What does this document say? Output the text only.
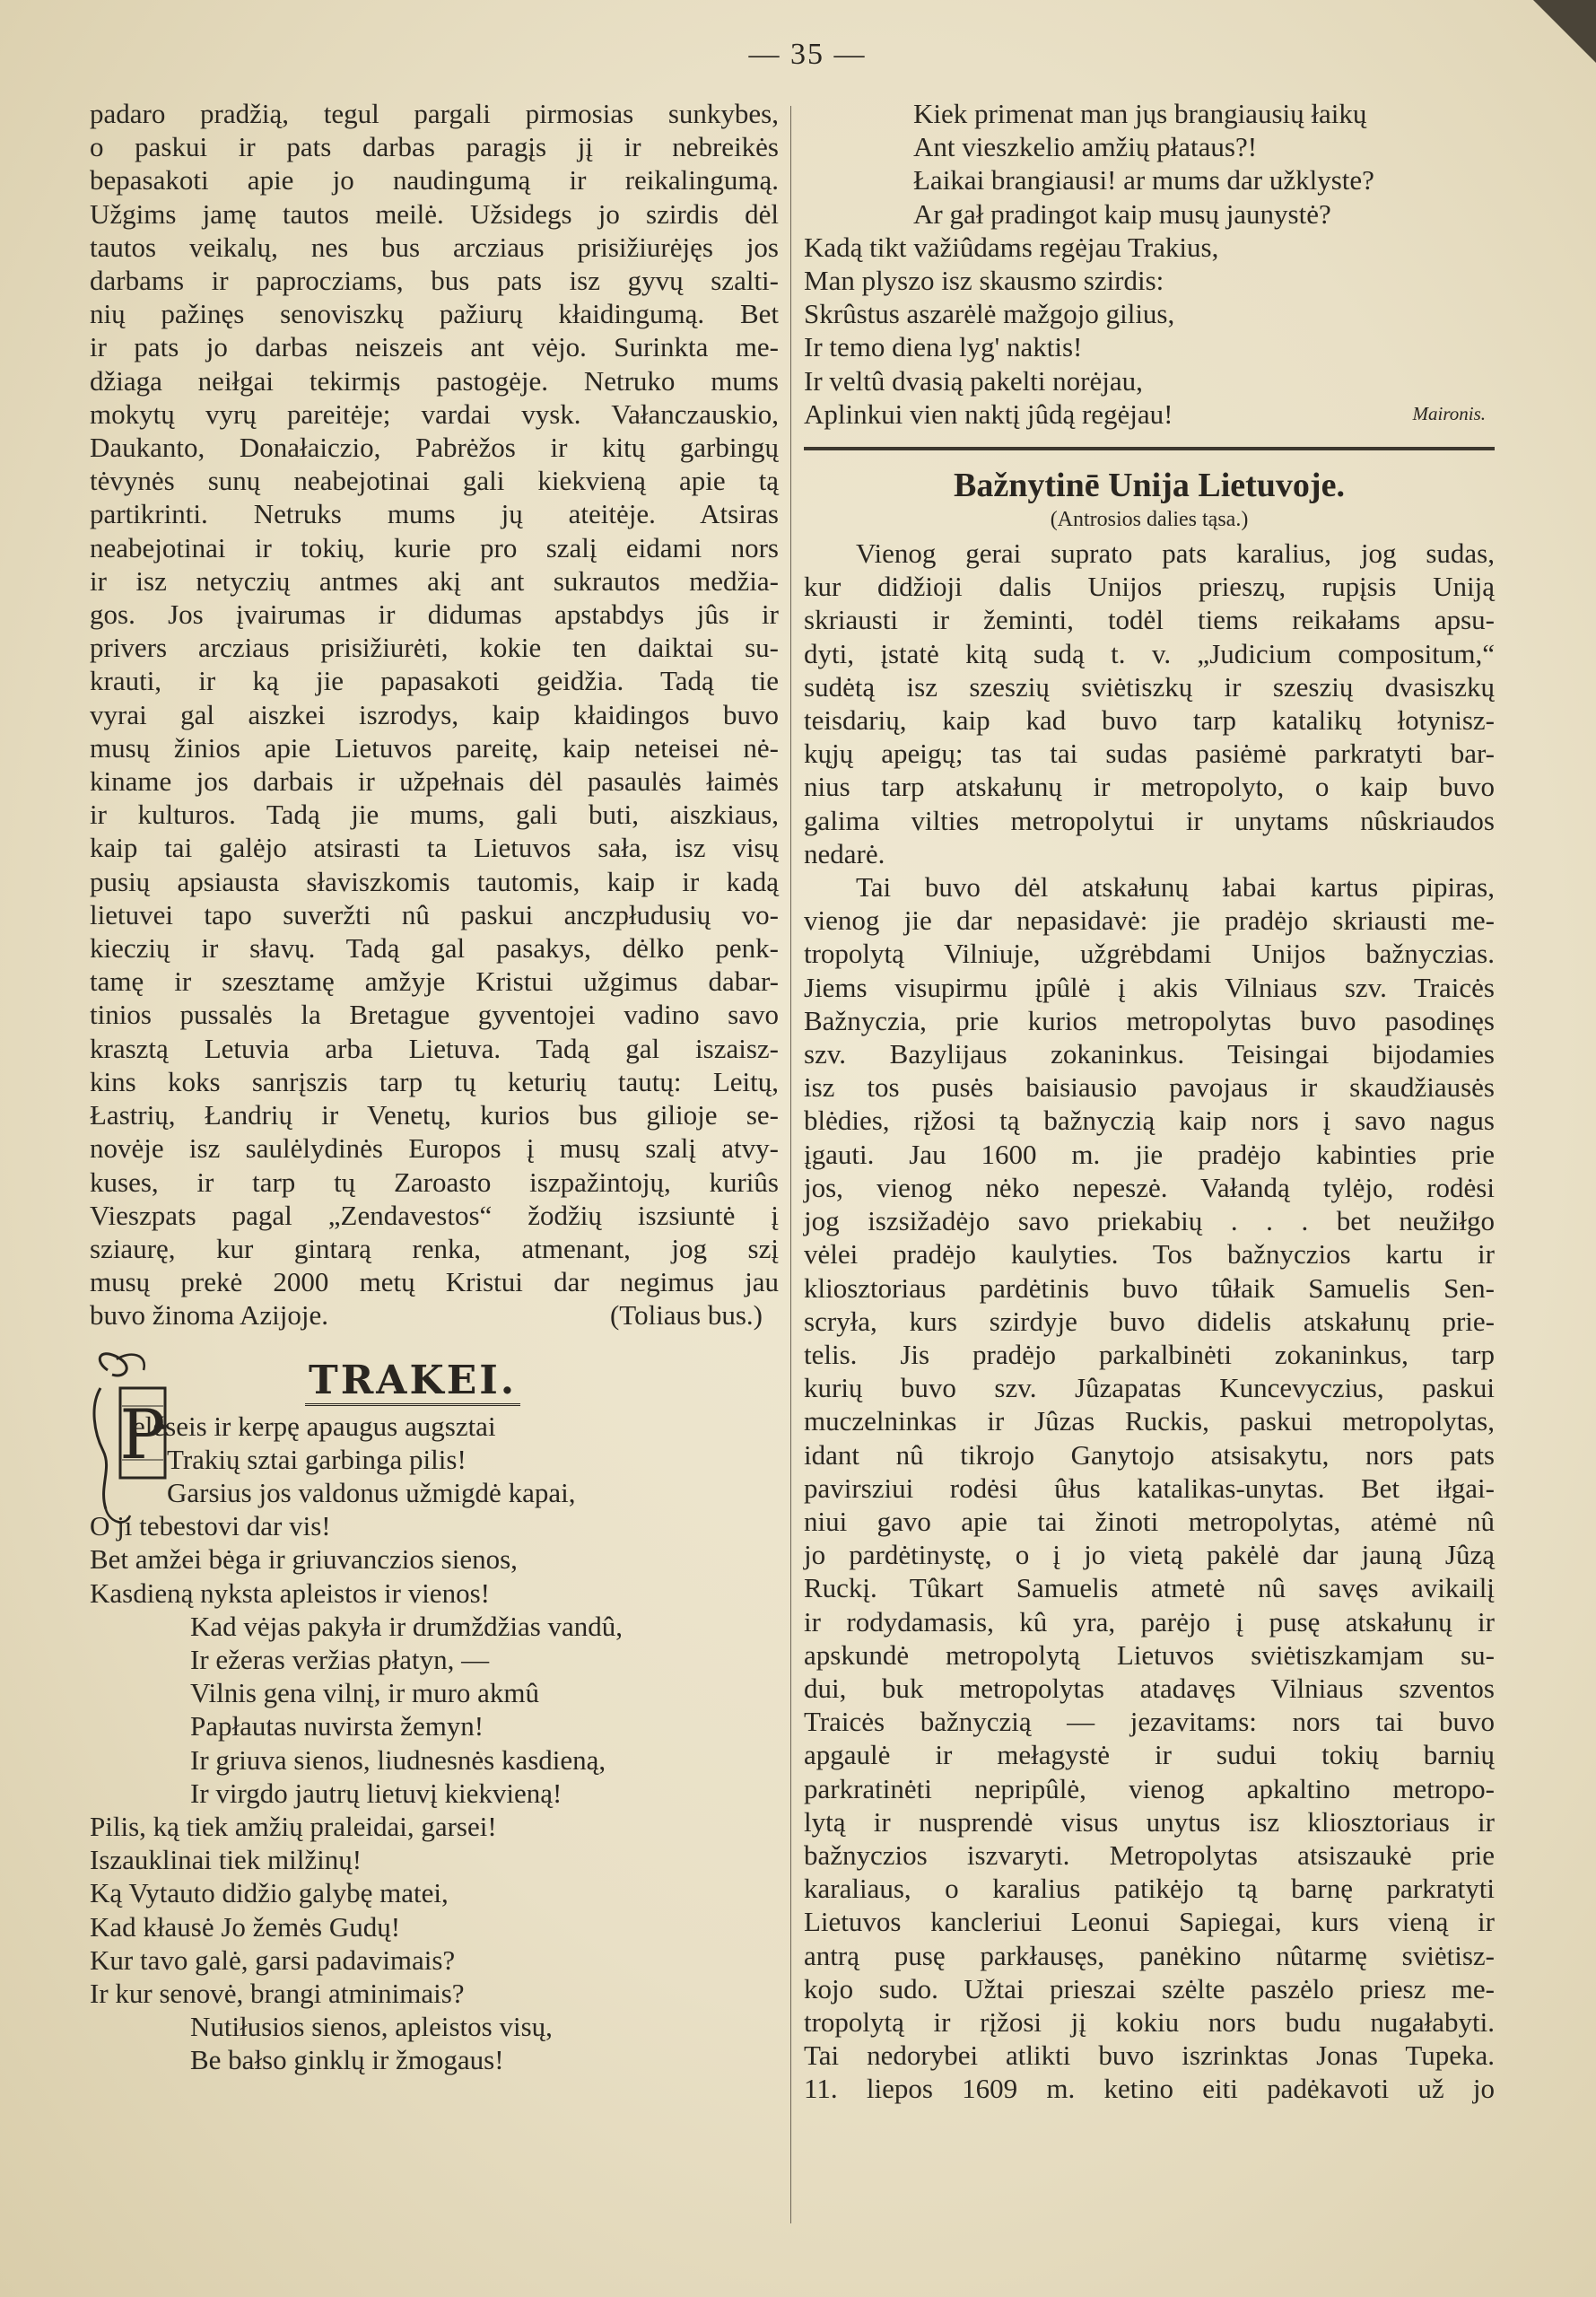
— 35 —
padaro pradžią, tegul pargali pirmosias sunkybes,
o paskui ir pats darbas paragįs jį ir nebreikės
bepasakoti apie jo naudingumą ir reikalingumą.
Užgims jamę tautos meilė. Užsidegs jo szirdis dėl
tautos veikalų, nes bus arcziaus prisižiurėjęs jos
darbams ir paprocziams, bus pats isz gyvų szalti-
nių pažinęs senoviszkų pažiurų kłaidingumą. Bet
ir pats jo darbas neiszeis ant vėjo. Surinkta me-
džiaga neiłgai tekirmįs pastogėje. Netruko mums
mokytų vyrų pareitėje; vardai vysk. Vałanczauskio,
Daukanto, Donałaiczio, Pabrėžos ir kitų garbingų
tėvynės sunų neabejotinai gali kiekvieną apie tą
partikrinti. Netruks mums jų ateitėje. Atsiras
neabejotinai ir tokių, kurie pro szalį eidami nors
ir isz netyczių antmes akį ant sukrautos medžia-
gos. Jos įvairumas ir didumas apstabdys jûs ir
privers arcziaus prisižiurėti, kokie ten daiktai su-
krauti, ir ką jie papasakoti geidžia. Tadą tie
vyrai gal aiszkei iszrodys, kaip kłaidingos buvo
musų žinios apie Lietuvos pareitę, kaip neteisei nė-
kiname jos darbais ir užpełnais dėl pasaulės łaimės
ir kulturos. Tadą jie mums, gali buti, aiszkiaus,
kaip tai galėjo atsirasti ta Lietuvos sała, isz visų
pusių apsiausta słaviszkomis tautomis, kaip ir kadą
lietuvei tapo suveržti nû paskui anczpłudusių vo-
kieczių ir słavų. Tadą gal pasakys, dėlko penk-
tamę ir szesztamę amžyje Kristui užgimus dabar-
tinios pussalės la Bretague gyventojei vadino savo
krasztą Letuvia arba Lietuva. Tadą gal iszaisz-
kins koks sanrįszis tarp tų keturių tautų: Leitų,
Łastrių, Łandrių ir Venetų, kurios bus gilioje se-
novėje isz saulėlydinės Europos į musų szalį atvy-
kuses, ir tarp tų Zaroasto iszpažintojų, kuriûs
Vieszpats pagal „Zendavestos“ žodžių iszsiuntė į
sziaurę, kur gintarą renka, atmenant, jog szį
musų prekė 2000 metų Kristui dar negimus jau
buvo žinoma Azijoje.	(Toliaus bus.)
P
TRAKEI.
eléseis ir kerpę apaugus augsztai
Trakių sztai garbinga pilis!
Garsius jos valdonus užmigdė kapai,
O ji tebestovi dar vis!
Bet amžei bėga ir griuvanczios sienos,
Kasdieną nyksta apleistos ir vienos!
Kad vėjas pakyła ir drumždžias vandû,
Ir ežeras veržias płatyn, —
Vilnis gena vilnį, ir muro akmû
Papłautas nuvirsta žemyn!
Ir griuva sienos, liudnesnės kasdieną,
Ir virgdo jautrų lietuvį kiekvieną!
Pilis, ką tiek amžių praleidai, garsei!
Iszauklinai tiek milžinų!
Ką Vytauto didžio galybę matei,
Kad kłausė Jo žemės Gudų!
Kur tavo galė, garsi padavimais?
Ir kur senovė, brangi atminimais?
Nutiłusios sienos, apleistos visų,
Be bałso ginklų ir žmogaus!
Kiek primenat man jųs brangiausių łaikų
Ant vieszkelio amžių płataus?!
Łaikai brangiausi! ar mums dar užklyste?
Ar gał pradingot kaip musų jaunystė?
Kadą tikt važiûdams regėjau Trakius,
Man plyszo isz skausmo szirdis:
Skrûstus aszarėlė mažgojo gilius,
Ir temo diena lyg' naktis!
Ir veltû dvasią pakelti norėjau,
Aplinkui vien naktį jûdą regėjau!	Maironis.

Bažnytinē Unija Lietuvoje.

(Antrosios dalies tąsa.)

Vienog gerai suprato pats karalius, jog sudas,
kur didžioji dalis Unijos prieszų, rupįsis Uniją
skriausti ir žeminti, todėl tiems reikałams apsu-
dyti, įstatė kitą sudą t. v. „Judicium compositum,“
sudėtą isz szeszių sviėtiszkų ir szeszių dvasiszkų
teisdarių, kaip kad buvo tarp katalikų łotynisz-
kųjų apeigų; tas tai sudas pasiėmė parkratyti bar-
nius tarp atskałunų ir metropolyto, o kaip buvo
galima vilties metropolytui ir unytams nûskriaudos
nedarė.
Tai buvo dėl atskałunų łabai kartus pipiras,
vienog jie dar nepasidavė: jie pradėjo skriausti me-
tropolytą Vilniuje, užgrėbdami Unijos bažnyczias.
Jiems visupirmu įpûlė į akis Vilniaus szv. Traicės
Bažnyczia, prie kurios metropolytas buvo pasodinęs
szv. Bazylijaus zokaninkus. Teisingai bijodamies
isz tos pusės baisiausio pavojaus ir skaudžiausės
blėdies, rįžosi tą bažnyczią kaip nors į savo nagus
įgauti. Jau 1600 m. jie pradėjo kabinties prie
jos, vienog nėko nepeszė. Vałandą tylėjo, rodėsi
jog iszsižadėjo savo priekabių . . . bet neužiłgo
vėlei pradėjo kaulyties. Tos bažnyczios kartu ir
kliosztoriaus pardėtinis buvo tûłaik Samuelis Sen-
scryła, kurs szirdyje buvo didelis atskałunų prie-
telis. Jis pradėjo parkalbinėti zokaninkus, tarp
kurių buvo szv. Jûzapatas Kuncevyczius, paskui
muczelninkas ir Jûzas Ruckis, paskui metropolytas,
idant nû tikrojo Ganytojo atsisakytu, nors pats
pavirsziui rodėsi ûłus katalikas-unytas. Bet iłgai-
niui gavo apie tai žinoti metropolytas, atėmė nû
jo pardėtinystę, o į jo vietą pakėlė dar jauną Jûzą
Ruckį. Tûkart Samuelis atmetė nû savęs avikailį
ir rodydamasis, kû yra, parėjo į pusę atskałunų ir
apskundė metropolytą Lietuvos sviėtiszkamjam su-
dui, buk metropolytas atadavęs Vilniaus szventos
Traicės bažnyczią — jezavitams: nors tai buvo
apgaulė ir mełagystė ir sudui tokių barnių
parkratinėti nepripûlė, vienog apkaltino metropo-
lytą ir nusprendė visus unytus isz kliosztoriaus ir
bažnyczios iszvaryti. Metropolytas atsiszaukė prie
karaliaus, o karalius patikėjo tą barnę parkratyti
Lietuvos kancleriui Leonui Sapiegai, kurs vieną ir
antrą pusę parkłausęs, panėkino nûtarmę sviėtisz-
kojo sudo. Užtai prieszai szėlte paszėlo priesz me-
tropolytą ir rįžosi jį kokiu nors budu nugałabyti.
Tai nedorybei atlikti buvo iszrinktas Jonas Tupeka.
11. liepos 1609 m. ketino eiti padėkavoti už jo
